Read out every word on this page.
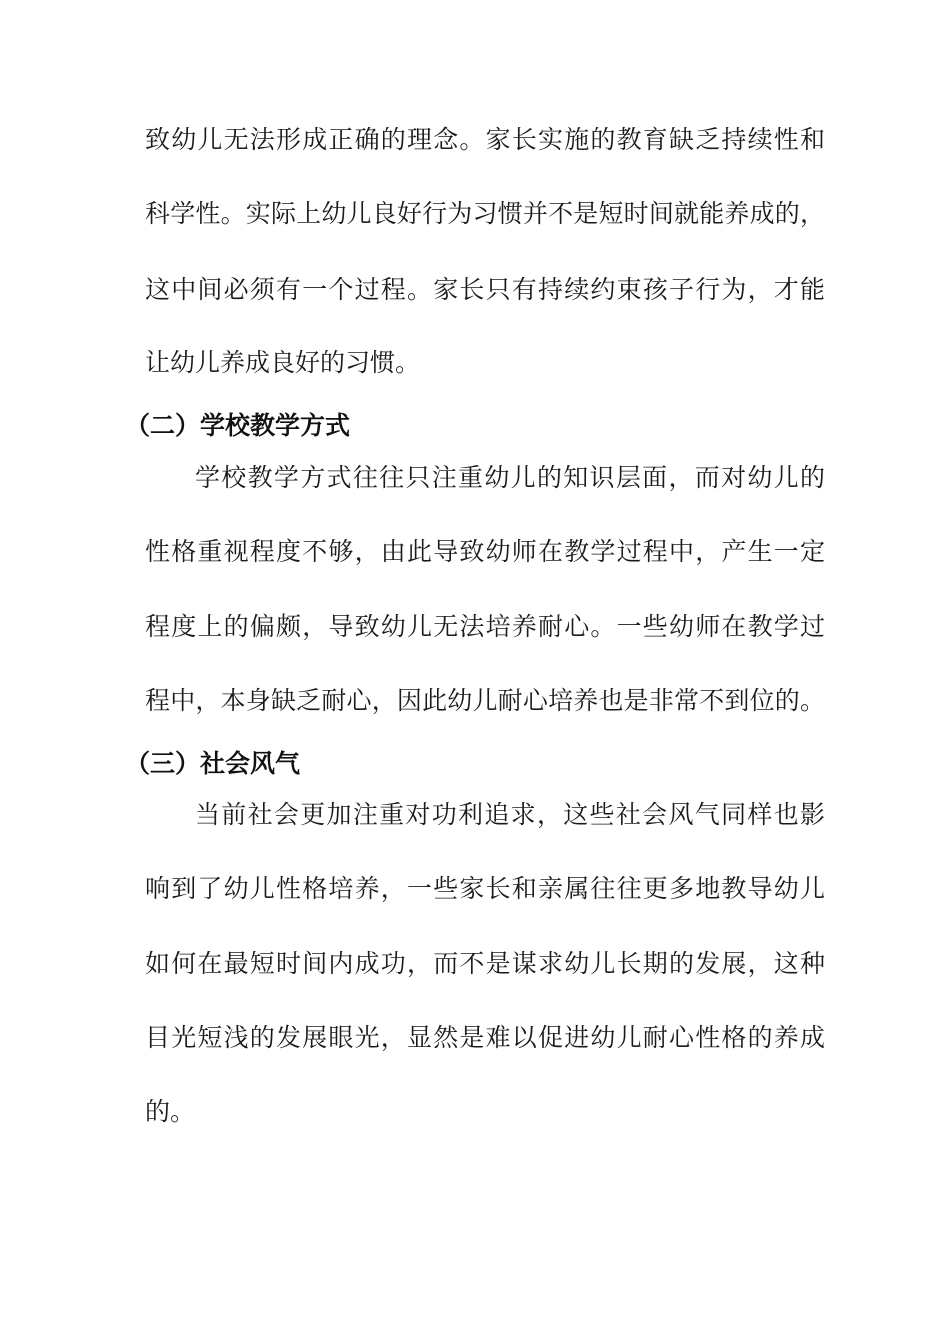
致幼儿无法形成正确的理念。家长实施的教育缺乏持续性和
科学性。实际上幼儿良好行为习惯并不是短时间就能养成的，
这中间必须有一个过程。家长只有持续约束孩子行为，才能
让幼儿养成良好的习惯。
（二）学校教学方式
学校教学方式往往只注重幼儿的知识层面，而对幼儿的
性格重视程度不够，由此导致幼师在教学过程中，产生一定
程度上的偏颇，导致幼儿无法培养耐心。一些幼师在教学过
程中，本身缺乏耐心，因此幼儿耐心培养也是非常不到位的。
（三）社会风气
当前社会更加注重对功利追求，这些社会风气同样也影
响到了幼儿性格培养，一些家长和亲属往往更多地教导幼儿
如何在最短时间内成功，而不是谋求幼儿长期的发展，这种
目光短浅的发展眼光，显然是难以促进幼儿耐心性格的养成
的。
